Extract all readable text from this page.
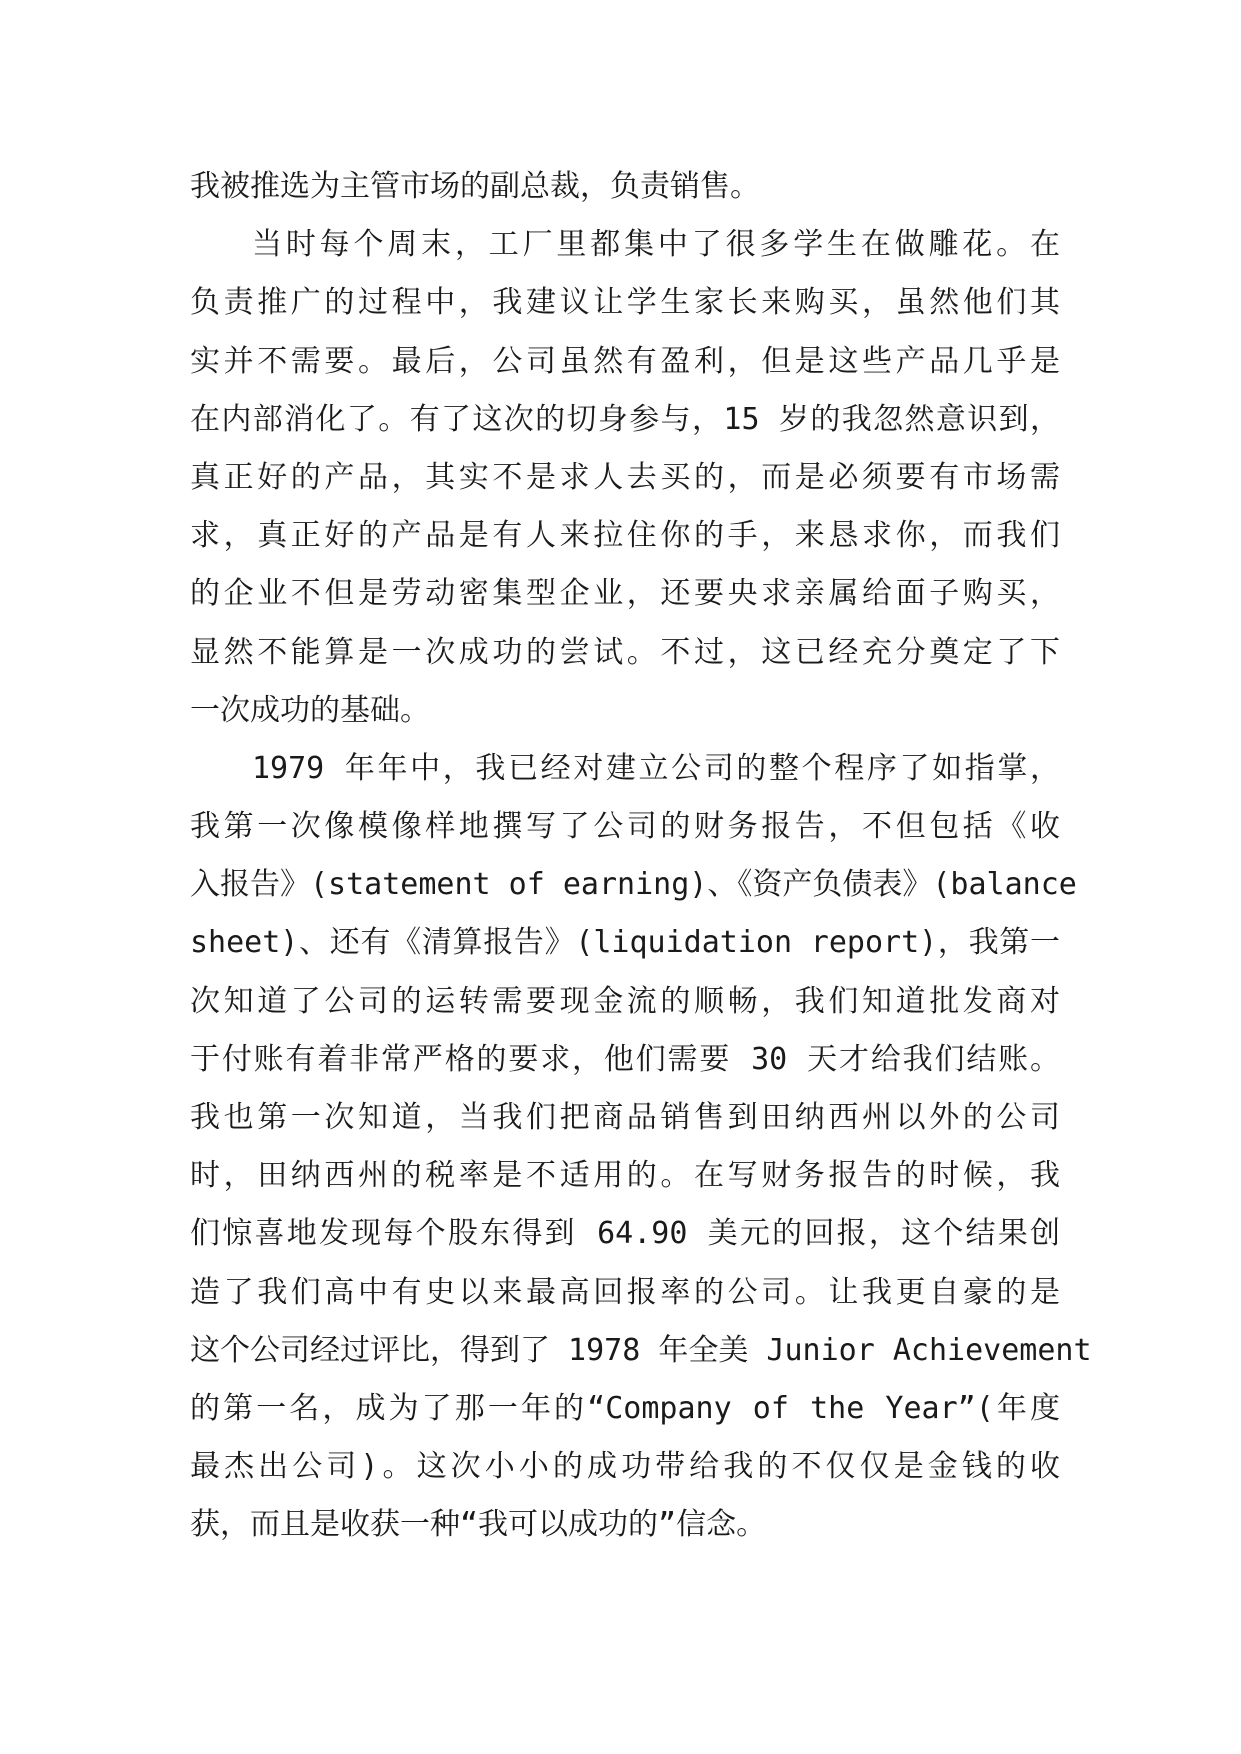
我被推选为主管市场的副总裁，负责销售。
当时每个周末，工厂里都集中了很多学生在做雕花。在
负责推广的过程中，我建议让学生家长来购买，虽然他们其
实并不需要。最后，公司虽然有盈利，但是这些产品几乎是
在内部消化了。有了这次的切身参与，15 岁的我忽然意识到，
真正好的产品，其实不是求人去买的，而是必须要有市场需
求，真正好的产品是有人来拉住你的手，来恳求你，而我们
的企业不但是劳动密集型企业，还要央求亲属给面子购买，
显然不能算是一次成功的尝试。不过，这已经充分奠定了下
一次成功的基础。
1979 年年中，我已经对建立公司的整个程序了如指掌，
我第一次像模像样地撰写了公司的财务报告，不但包括《收
入报告》(statement of earning)、《资产负债表》(balance
sheet)、还有《清算报告》(liquidation report)，我第一
次知道了公司的运转需要现金流的顺畅，我们知道批发商对
于付账有着非常严格的要求，他们需要 30 天才给我们结账。
我也第一次知道，当我们把商品销售到田纳西州以外的公司
时，田纳西州的税率是不适用的。在写财务报告的时候，我
们惊喜地发现每个股东得到 64.90 美元的回报，这个结果创
造了我们高中有史以来最高回报率的公司。让我更自豪的是
这个公司经过评比，得到了 1978 年全美 Junior Achievement
的第一名，成为了那一年的“Company of the Year”(年度
最杰出公司)。这次小小的成功带给我的不仅仅是金钱的收
获，而且是收获一种“我可以成功的”信念。
